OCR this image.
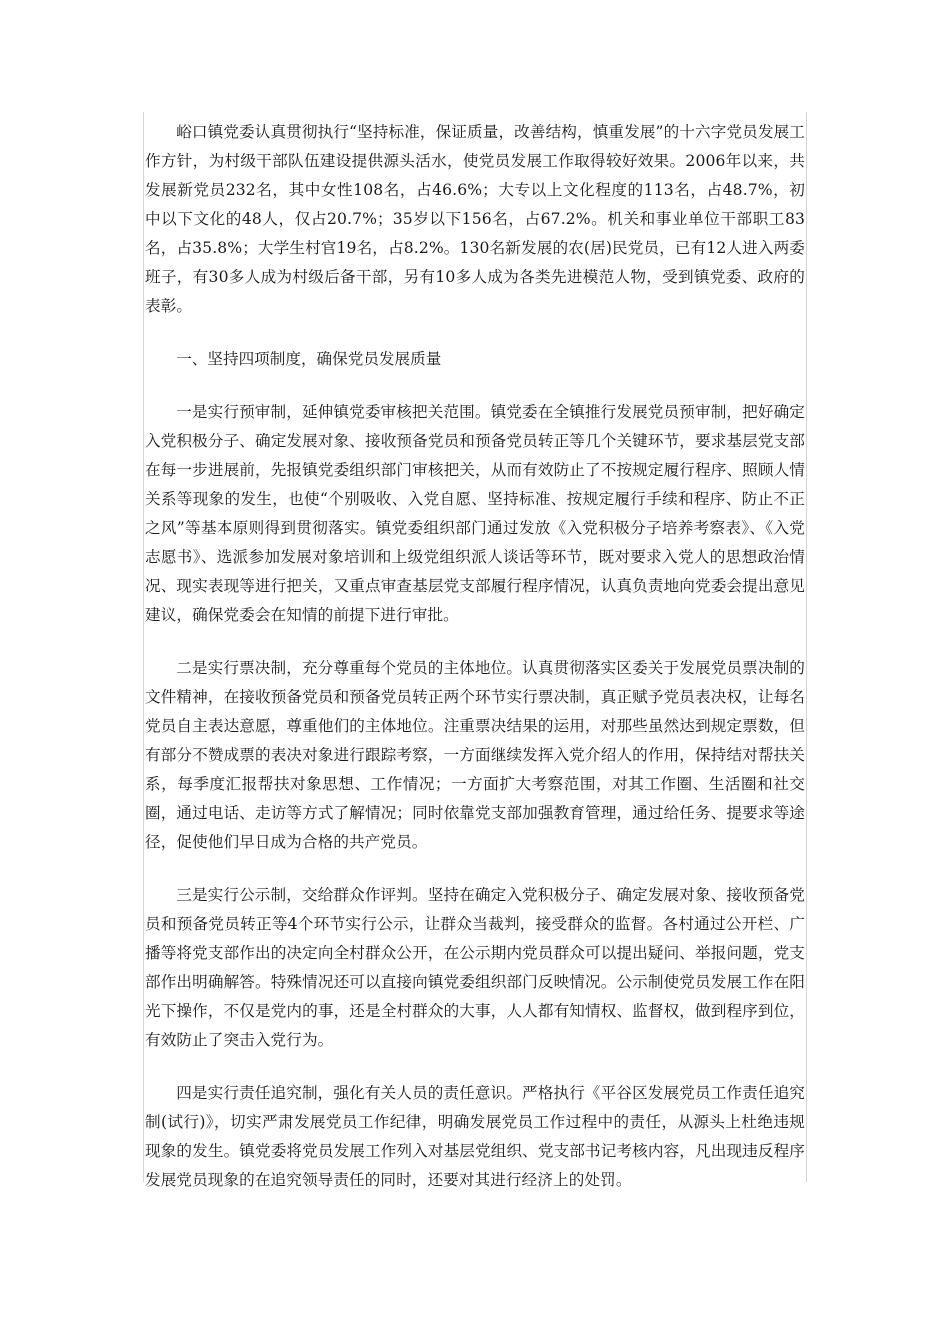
峪口镇党委认真贯彻执行“坚持标准，保证质量，改善结构，慎重发展”的十六字党员发展工作方针，为村级干部队伍建设提供源头活水，使党员发展工作取得较好效果。2006年以来，共发展新党员232名，其中女性108名，占46.6%；大专以上文化程度的113名，占48.7%，初中以下文化的48人，仅占20.7%；35岁以下156名，占67.2%。机关和事业单位干部职工83名，占35.8%；大学生村官19名，占8.2%。130名新发展的农(居)民党员，已有12人进入两委班子，有30多人成为村级后备干部，另有10多人成为各类先进模范人物，受到镇党委、政府的表彰。

一、坚持四项制度，确保党员发展质量

一是实行预审制，延伸镇党委审核把关范围。镇党委在全镇推行发展党员预审制，把好确定入党积极分子、确定发展对象、接收预备党员和预备党员转正等几个关键环节，要求基层党支部在每一步进展前，先报镇党委组织部门审核把关，从而有效防止了不按规定履行程序、照顾人情关系等现象的发生，也使“个别吸收、入党自愿、坚持标准、按规定履行手续和程序、防止不正之风”等基本原则得到贯彻落实。镇党委组织部门通过发放《入党积极分子培养考察表》、《入党志愿书》、选派参加发展对象培训和上级党组织派人谈话等环节，既对要求入党人的思想政治情况、现实表现等进行把关，又重点审查基层党支部履行程序情况，认真负责地向党委会提出意见建议，确保党委会在知情的前提下进行审批。

二是实行票决制，充分尊重每个党员的主体地位。认真贯彻落实区委关于发展党员票决制的文件精神，在接收预备党员和预备党员转正两个环节实行票决制，真正赋予党员表决权，让每名党员自主表达意愿，尊重他们的主体地位。注重票决结果的运用，对那些虽然达到规定票数，但有部分不赞成票的表决对象进行跟踪考察，一方面继续发挥入党介绍人的作用，保持结对帮扶关系，每季度汇报帮扶对象思想、工作情况；一方面扩大考察范围，对其工作圈、生活圈和社交圈，通过电话、走访等方式了解情况；同时依靠党支部加强教育管理，通过给任务、提要求等途径，促使他们早日成为合格的共产党员。

三是实行公示制，交给群众作评判。坚持在确定入党积极分子、确定发展对象、接收预备党员和预备党员转正等4个环节实行公示，让群众当裁判，接受群众的监督。各村通过公开栏、广播等将党支部作出的决定向全村群众公开，在公示期内党员群众可以提出疑问、举报问题，党支部作出明确解答。特殊情况还可以直接向镇党委组织部门反映情况。公示制使党员发展工作在阳光下操作，不仅是党内的事，还是全村群众的大事，人人都有知情权、监督权，做到程序到位，有效防止了突击入党行为。

四是实行责任追究制，强化有关人员的责任意识。严格执行《平谷区发展党员工作责任追究制(试行)》，切实严肃发展党员工作纪律，明确发展党员工作过程中的责任，从源头上杜绝违规现象的发生。镇党委将党员发展工作列入对基层党组织、党支部书记考核内容，凡出现违反程序发展党员现象的在追究领导责任的同时，还要对其进行经济上的处罚。
